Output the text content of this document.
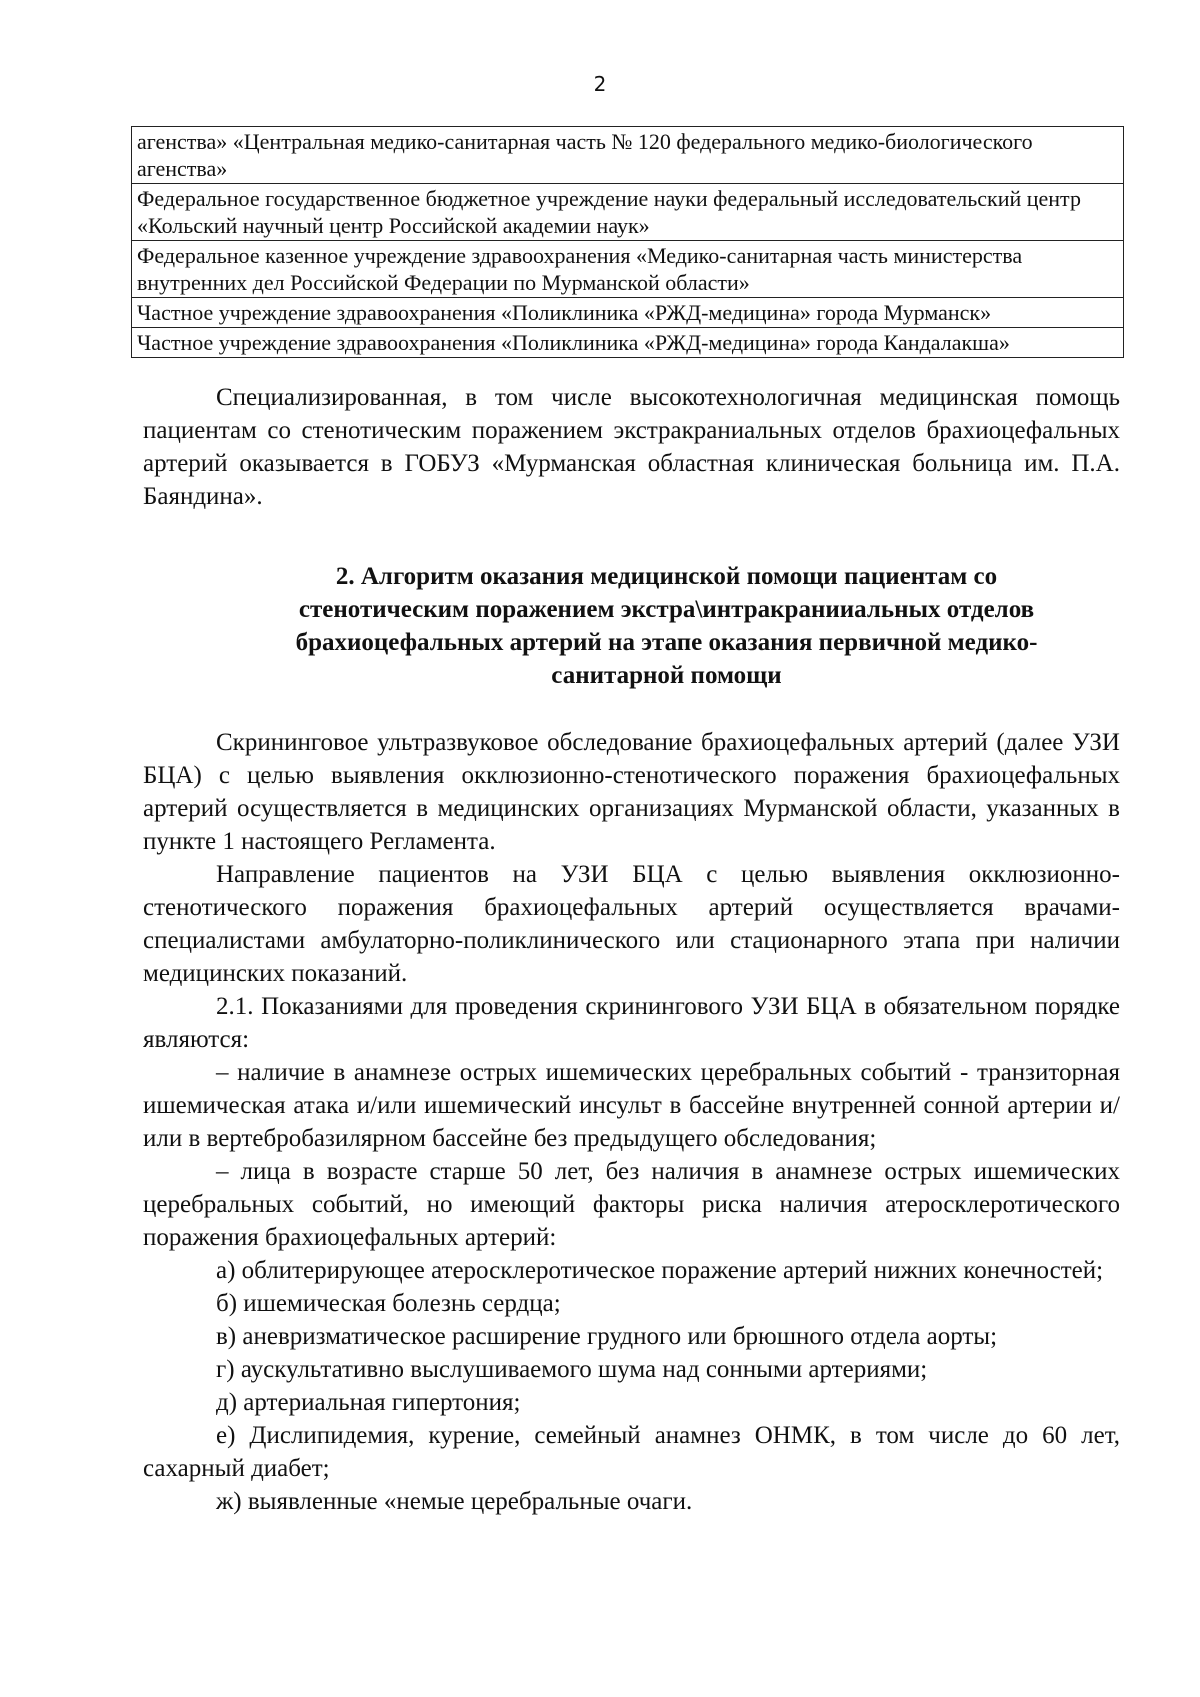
2
агенства» «Центральная медико-санитарная часть № 120 федерального медико-биологического агенства»
Федеральное государственное бюджетное учреждение науки федеральный исследовательский центр «Кольский научный центр Российской академии наук»
Федеральное казенное учреждение здравоохранения «Медико-санитарная часть министерства внутренних дел Российской Федерации по Мурманской области»
Частное учреждение здравоохранения «Поликлиника «РЖД-медицина» города Мурманск»
Частное учреждение здравоохранения «Поликлиника «РЖД-медицина» города Кандалакша»

Специализированная, в том числе высокотехнологичная медицинская помощь пациентам со стенотическим поражением экстракраниальных отделов брахиоцефальных артерий оказывается в ГОБУЗ «Мурманская областная клиническая больница им. П.А. Баяндина».

2. Алгоритм оказания медицинской помощи пациентам со стенотическим поражением экстра\интракранииальных отделов брахиоцефальных артерий на этапе оказания первичной медико-санитарной помощи

Скрининговое ультразвуковое обследование брахиоцефальных артерий (далее УЗИ БЦА) с целью выявления окклюзионно-стенотического поражения брахиоцефальных артерий осуществляется в медицинских организациях Мурманской области, указанных в пункте 1 настоящего Регламента.

Направление пациентов на УЗИ БЦА с целью выявления окклюзионно-стенотического поражения брахиоцефальных артерий осуществляется врачами-специалистами амбулаторно-поликлинического или стационарного этапа при наличии медицинских показаний.

2.1. Показаниями для проведения скринингового УЗИ БЦА в обязательном порядке являются:

– наличие в анамнезе острых ишемических церебральных событий - транзиторная ишемическая атака и/или ишемический инсульт в бассейне внутренней сонной артерии и/или в вертебробазилярном бассейне без предыдущего обследования;

– лица в возрасте старше 50 лет, без наличия в анамнезе острых ишемических церебральных событий, но имеющий факторы риска наличия атеросклеротического поражения брахиоцефальных артерий:

а) облитерирующее атеросклеротическое поражение артерий нижних конечностей;

б) ишемическая болезнь сердца;

в) аневризматическое расширение грудного или брюшного отдела аорты;

г) аускультативно выслушиваемого шума над сонными артериями;

д) артериальная гипертония;

е) Дислипидемия, курение, семейный анамнез ОНМК, в том числе до 60 лет, сахарный диабет;

ж) выявленные «немые церебральные очаги.
